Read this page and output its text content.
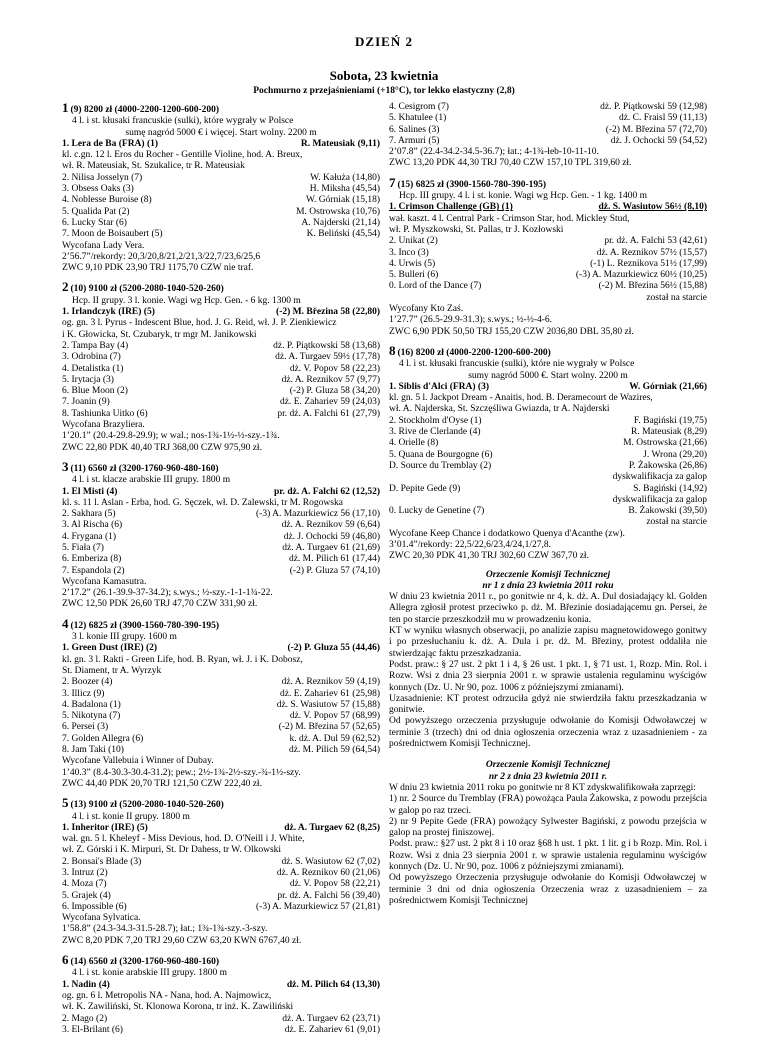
DZIEŃ 2
Sobota, 23 kwietnia
Pochmurno z przejaśnieniami (+18°C), tor lekko elastyczny (2,8)
1 (9) 8200 zł (4000-2200-1200-600-200)
4 l. i st. kłusaki francuskie (sulki), które wygrały w Polsce
sumę nagród 5000 € i więcej. Start wolny. 2200 m
1. Lera de Ba (FRA) (1)	R. Mateusiak (9,11)
kl. c.gn. 12 l. Eros du Rocher - Gentille Violine, hod. A. Breux,
wł. R. Mateusiak, St. Szukalice, tr R. Mateusiak
2. Nilisa Josselyn (7)	W. Kałuża (14,80)
3. Obsess Oaks (3)	H. Miksha (45,54)
4. Noblesse Buroise (8)	W. Górniak (15,18)
5. Qualida Pat (2)	M. Ostrowska (10,76)
6. Lucky Star (6)	A. Najderski (21,14)
7. Moon de Boisaubert (5)	K. Beliński (45,54)
Wycofana Lady Vera.
2’56.7”/rekordy: 20,3/20,8/21,2/21,3/22,7/23,6/25,6
ZWC 9,10 PDK 23,90 TRJ 1175,70 CZW nie traf.
2 (10) 9100 zł (5200-2080-1040-520-260)
Hcp. II grupy. 3 l. konie. Wagi wg Hcp. Gen. - 6 kg. 1300 m
1. Irlandczyk (IRE) (5)	(-2) M. Březina 58 (22,80)
og. gn. 3 l. Pyrus - Indescent Blue, hod. J. G. Reid, wł. J. P. Zienkiewicz
i K. Głowicka, St. Czubaryk, tr mgr M. Janikowski
2. Tampa Bay (4)	dż. P. Piątkowski 58 (13,68)
3. Odrobina (7)	dż. A. Turgaev 59½ (17,78)
4. Detalistka (1)	dż. V. Popov 58 (22,23)
5. Irytacja (3)	dż. A. Reznikov 57 (9,77)
6. Blue Moon (2)	(-2) P. Gluza 58 (34,20)
7. Joanin (9)	dż. E. Zahariev 59 (24,03)
8. Tashiunka Uitko (6)	pr. dż. A. Falchi 61 (27,79)
Wycofana Brazyliera.
1’20.1” (20.4-29.8-29.9); w wal.; nos-1¾-1½-½-szy.-1¾.
ZWC 22,80 PDK 40,40 TRJ 368,00 CZW 975,90 zł.
3 (11) 6560 zł (3200-1760-960-480-160)
4 l. i st. klacze arabskie III grupy. 1800 m
1. El Misti (4)	pr. dż. A. Falchi 62 (12,52)
kl. s. 11 l. Aslan - Erba, hod. G. Sęczek, wł. D. Zalewski, tr M. Rogowska
2. Sakhara (5)	(-3) A. Mazurkiewicz 56 (17,10)
3. Al Rischa (6)	dż. A. Reznikov 59 (6,64)
4. Frygana (1)	dż. J. Ochocki 59 (46,80)
5. Fiała (7)	dż. A. Turgaev 61 (21,69)
6. Emberiza (8)	dż. M. Pilich 61 (17,44)
7. Espandola (2)	(-2) P. Gluza 57 (74,10)
Wycofana Kamasutra.
2’17.2” (26.1-39.9-37-34.2); s.wys.; ½-szy.-1-1-1¾-22.
ZWC 12,50 PDK 26,60 TRJ 47,70 CZW 331,90 zł.
4 (12) 6825 zł (3900-1560-780-390-195)
3 l. konie III grupy. 1600 m
1. Green Dust (IRE) (2)	(-2) P. Gluza 55 (44,46)
kl. gn. 3 l. Rakti - Green Life, hod. B. Ryan, wł. J. i K. Dobosz,
St. Diament, tr A. Wyrzyk
2. Boozer (4)	dż. A. Reznikov 59 (4,19)
3. Illicz (9)	dż. E. Zahariev 61 (25,98)
4. Badalona (1)	dż. S. Wasiutow 57 (15,88)
5. Nikotyna (7)	dż. V. Popov 57 (68,99)
6. Persei (3)	(-2) M. Březina 57 (52,65)
7. Golden Allegra (6)	k. dż. A. Dul 59 (62,52)
8. Jam Taki (10)	dż. M. Pilich 59 (64,54)
Wycofane Vallebuia i Winner of Dubay.
1’40.3” (8.4-30.3-30.4-31.2); pew.; 2½-1¾-2½-szy.-¾-1½-szy.
ZWC 44,40 PDK 20,70 TRJ 121,50 CZW 222,40 zł.
5 (13) 9100 zł (5200-2080-1040-520-260)
4 l. i st. konie II grupy. 1800 m
1. Inheritor (IRE) (5)	dż. A. Turgaev 62 (8,25)
wał. gn. 5 l. Kheleyf - Miss Devious, hod. D. O'Neill i J. White,
wł. Z. Górski i K. Mirpuri, St. Dr Dahess, tr W. Olkowski
2. Bonsai's Blade (3)	dż. S. Wasiutow 62 (7,02)
3. Intruz (2)	dż. A. Reznikov 60 (21,06)
4. Moza (7)	dż. V. Popov 58 (22,21)
5. Grajek (4)	pr. dż. A. Falchi 56 (39,40)
6. Impossible (6)	(-3) A. Mazurkiewicz 57 (21,81)
Wycofana Sylvatica.
1’58.8” (24.3-34.3-31.5-28.7); łat.; 1¾-1¾-szy.-3-szy.
ZWC 8,20 PDK 7,20 TRJ 29,60 CZW 63,20 KWN 6767,40 zł.
6 (14) 6560 zł (3200-1760-960-480-160)
4 l. i st. konie arabskie III grupy. 1800 m
1. Nadin (4)	dż. M. Pilich 64 (13,30)
og. gn. 6 l. Metropolis NA - Nana, hod. A. Najmowicz,
wł. K. Zawiliński, St. Klonowa Korona, tr inż. K. Zawiliński
2. Mago (2)	dż. A. Turgaev 62 (23,71)
3. El-Brilant (6)	dż. E. Zahariev 61 (9,01)
4. Cesigrom (7)	dż. P. Piątkowski 59 (12,98)
5. Khatulee (1)	dż. C. Fraisl 59 (11,13)
6. Salines (3)	(-2) M. Březina 57 (72,70)
7. Armuri (5)	dż. J. Ochocki 59 (54,52)
2’07.8” (22.4-34.2-34.5-36.7); łat.; 4-1¾-łeb-10-11-10.
ZWC 13,20 PDK 44,30 TRJ 70,40 CZW 157,10 TPL 319,60 zł.
7 (15) 6825 zł (3900-1560-780-390-195)
Hcp. III grupy. 4 l. i st. konie. Wagi wg Hcp. Gen. - 1 kg. 1400 m
1. Crimson Challenge (GB) (1)	dż. S. Wasiutow 56½ (8,10)
wał. kaszt. 4 l. Central Park - Crimson Star, hod. Mickley Stud,
wł. P. Myszkowski, St. Pallas, tr J. Kozłowski
2. Unikat (2)	pr. dż. A. Falchi 53 (42,61)
3. Inco (3)	dż. A. Reznikov 57½ (15,57)
4. Urwis (5)	(-1) L. Reznikova 51½ (17,99)
5. Bulleri (6)	(-3) A. Mazurkiewicz 60½ (10,25)
0. Lord of the Dance (7)	(-2) M. Březina 56½ (15,88)
został na starcie
Wycofany Kto Zaś.
1’27.7” (26.5-29.9-31.3); s.wys.; ½-½-4-6.
ZWC 6,90 PDK 50,50 TRJ 155,20 CZW 2036,80 DBL 35,80 zł.
8 (16) 8200 zł (4000-2200-1200-600-200)
4 l. i st. kłusaki francuskie (sulki), które nie wygrały w Polsce
sumy nagród 5000 €. Start wolny. 2200 m
1. Siblis d'Alci (FRA) (3)	W. Górniak (21,66)
kl. gn. 5 l. Jackpot Dream - Anaitis, hod. B. Deramecourt de Wazires,
wł. A. Najderska, St. Szczęśliwa Gwiazda, tr A. Najderski
2. Stockholm d'Oyse (1)	F. Bagiński (19,75)
3. Rive de Clerlande (4)	R. Mateusiak (8,29)
4. Orielle (8)	M. Ostrowska (21,66)
5. Quana de Bourgogne (6)	J. Wrona (29,20)
D. Source du Tremblay (2)	P. Żakowska (26,86)
dyskwalifikacja za galop
D. Pepite Gede (9)	S. Bagiński (14,92)
dyskwalifikacja za galop
0. Lucky de Genetine (7)	B. Żakowski (39,50)
został na starcie
Wycofane Keep Chance i dodatkowo Quenya d'Acanthe (zw).
3’01.4”/rekordy: 22,5/22,6/23,4/24,1/27,8.
ZWC 20,30 PDK 41,30 TRJ 302,60 CZW 367,70 zł.
Orzeczenie Komisji Technicznej
nr 1 z dnia 23 kwietnia 2011 roku
W dniu 23 kwietnia 2011 r., po gonitwie nr 4, k. dż. A. Dul dosiadający kl. Golden Allegra zgłosił protest przeciwko p. dż. M. Březinie dosiadającemu gn. Persei, że ten po starcie przeszkodził mu w prowadzeniu konia.
KT w wyniku własnych obserwacji, po analizie zapisu magnetowidowego gonitwy i po przesłuchaniu k. dż. A. Dula i pr. dż. M. Březiny, protest oddaliła nie stwierdzając faktu przeszkadzania.
Podst. praw.: § 27 ust. 2 pkt 1 i 4, § 26 ust. 1 pkt. 1, § 71 ust. 1, Rozp. Min. Rol. i Rozw. Wsi z dnia 23 sierpnia 2001 r. w sprawie ustalenia regulaminu wyścigów konnych (Dz. U. Nr 90, poz. 1006 z późniejszymi zmianami).
Uzasadnienie: KT protest odrzuciła gdyż nie stwierdziła faktu przeszkadzania w gonitwie.
Od powyższego orzeczenia przysługuje odwołanie do Komisji Odwoławczej w terminie 3 (trzech) dni od dnia ogłoszenia orzeczenia wraz z uzasadnieniem - za pośrednictwem Komisji Technicznej.
Orzeczenie Komisji Technicznej
nr 2 z dnia 23 kwietnia 2011 r.
W dniu 23 kwietnia 2011 roku po gonitwie nr 8 KT zdyskwalifikowała zaprzęgi:
1) nr. 2 Source du Tremblay (FRA) powożąca Paula Żakowska, z powodu przejścia w galop po raz trzeci.
2) nr 9 Pepite Gede (FRA) powożący Sylwester Bagiński, z powodu przejścia w galop na prostej finiszowej.
Podst. praw.: §27 ust. 2 pkt 8 i 10 oraz §68 h ust. 1 pkt. 1 lit. g i b Rozp. Min. Rol. i Rozw. Wsi z dnia 23 sierpnia 2001 r. w sprawie ustalenia regulaminu wyścigów konnych (Dz. U. Nr 90, poz. 1006 z późniejszymi zmianami).
Od powyższego Orzeczenia przysługuje odwołanie do Komisji Odwoławczej w terminie 3 dni od dnia ogłoszenia Orzeczenia wraz z uzasadnieniem – za pośrednictwem Komisji Technicznej
